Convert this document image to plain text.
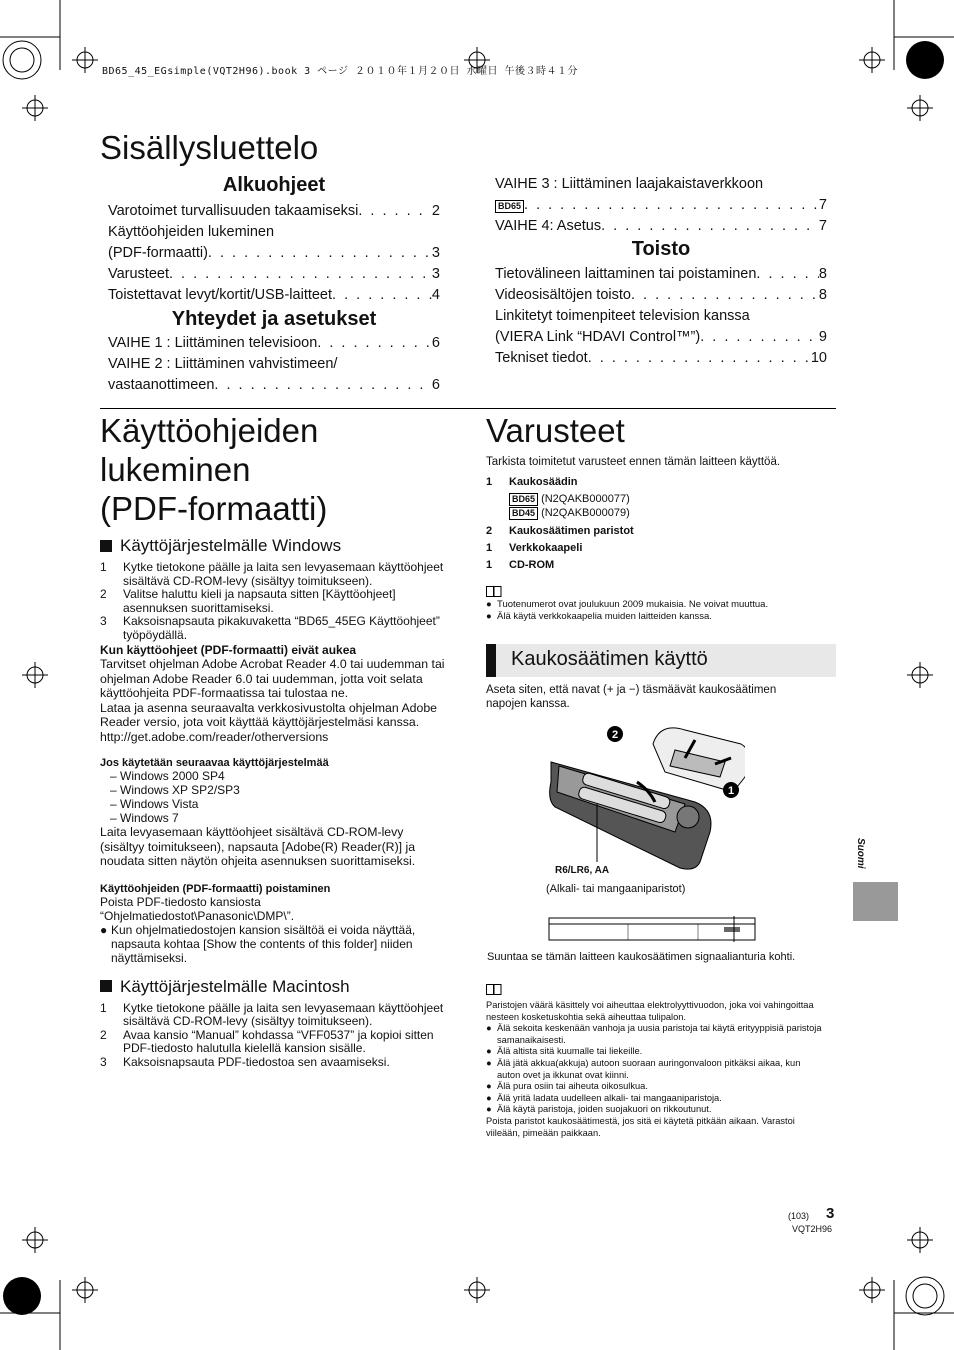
BD65_45_EGsimple(VQT2H96).book 3 ページ ２０１０年１月２０日 水曜日 午後３時４１分
Sisällysluettelo
Alkuohjeet
Varotoimet turvallisuuden takaamiseksi . . .	2
Käyttöohjeiden lukeminen
(PDF-formaatti) . . .	3
Varusteet . . .	3
Toistettavat levyt/kortit/USB-laitteet . . .	4
Yhteydet ja asetukset
VAIHE 1 : Liittäminen televisioon . . .	6
VAIHE 2 : Liittäminen vahvistimeen/
vastaanottimeen . . .	6
VAIHE 3 : Liittäminen laajakaistaverkkoon
BD65 . . .	7
VAIHE 4: Asetus . . .	7
Toisto
Tietovälineen laittaminen tai poistaminen . . .	8
Videosisältöjen toisto . . .	8
Linkitetyt toimenpiteet television kanssa
(VIERA Link “HDAVI Control™”) . . .	9
Tekniset tiedot . . .	10
Käyttöohjeiden
lukeminen
(PDF-formaatti)
Käyttöjärjestelmälle Windows
1	Kytke tietokone päälle ja laita sen levyasemaan käyttöohjeet sisältävä CD-ROM-levy (sisältyy toimitukseen).
2	Valitse haluttu kieli ja napsauta sitten [Käyttöohjeet] asennuksen suorittamiseksi.
3	Kaksoisnapsauta pikakuvaketta “BD65_45EG Käyttöohjeet” työpöydällä.
Kun käyttöohjeet (PDF-formaatti) eivät aukea
Tarvitset ohjelman Adobe Acrobat Reader 4.0 tai uudemman tai ohjelman Adobe Reader 6.0 tai uudemman, jotta voit selata käyttöohjeita PDF-formaatissa tai tulostaa ne.
Lataa ja asenna seuraavalta verkkosivustolta ohjelman Adobe Reader versio, jota voit käyttää käyttöjärjestelmäsi kanssa.
http://get.adobe.com/reader/otherversions
Jos käytetään seuraavaa käyttöjärjestelmää
– Windows 2000 SP4
– Windows XP SP2/SP3
– Windows Vista
– Windows 7
Laita levyasemaan käyttöohjeet sisältävä CD-ROM-levy (sisältyy toimitukseen), napsauta [Adobe(R) Reader(R)] ja noudata sitten näytön ohjeita asennuksen suorittamiseksi.
Käyttöohjeiden (PDF-formaatti) poistaminen
Poista PDF-tiedosto kansiosta “Ohjelmatiedostot\Panasonic\DMP\”.
● Kun ohjelmatiedostojen kansion sisältöä ei voida näyttää, napsauta kohtaa [Show the contents of this folder] niiden näyttämiseksi.
Käyttöjärjestelmälle Macintosh
1	Kytke tietokone päälle ja laita sen levyasemaan käyttöohjeet sisältävä CD-ROM-levy (sisältyy toimitukseen).
2	Avaa kansio “Manual” kohdassa “VFF0537” ja kopioi sitten PDF-tiedosto halutulla kielellä kansion sisälle.
3	Kaksoisnapsauta PDF-tiedostoa sen avaamiseksi.
Varusteet
Tarkista toimitetut varusteet ennen tämän laitteen käyttöä.
1	Kaukosäädin
BD65 (N2QAKB000077)
BD45 (N2QAKB000079)
2	Kaukosäätimen paristot
1	Verkkokaapeli
1	CD-ROM
● Tuotenumerot ovat joulukuun 2009 mukaisia. Ne voivat muuttua.
● Älä käytä verkkokaapelia muiden laitteiden kanssa.
Kaukosäätimen käyttö
Aseta siten, että navat (+ ja −) täsmäävät kaukosäätimen napojen kanssa.
2
1
R6/LR6, AA
(Alkali- tai mangaaniparistot)
Suuntaa se tämän laitteen kaukosäätimen signaalianturia kohti.
Paristojen väärä käsittely voi aiheuttaa elektrolyyttivuodon, joka voi vahingoittaa nesteen kosketuskohtia sekä aiheuttaa tulipalon.
● Älä sekoita keskenään vanhoja ja uusia paristoja tai käytä erityyppisiä paristoja samanaikaisesti.
● Älä altista sitä kuumalle tai liekeille.
● Älä jätä akkua(akkuja) autoon suoraan auringonvaloon pitkäksi aikaa, kun auton ovet ja ikkunat ovat kiinni.
● Älä pura osiin tai aiheuta oikosulkua.
● Älä yritä ladata uudelleen alkali- tai mangaaniparistoja.
● Älä käytä paristoja, joiden suojakuori on rikkoutunut.
Poista paristot kaukosäätimestä, jos sitä ei käytetä pitkään aikaan. Varastoi viileään, pimeään paikkaan.
Suomi
(103) 3
VQT2H96
